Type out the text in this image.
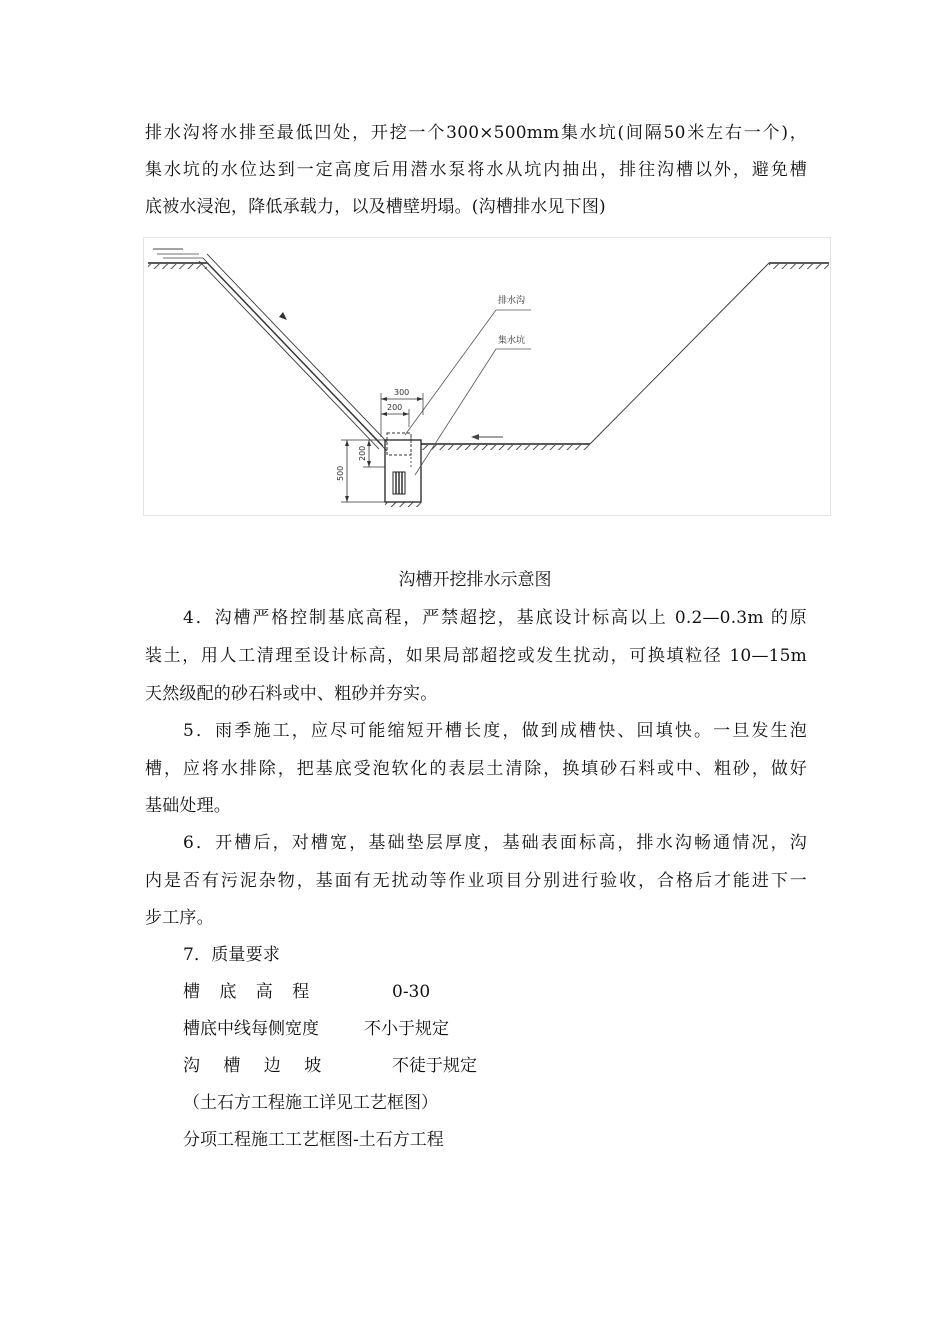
排水沟将水排至最低凹处，开挖一个300×500mm集水坑(间隔50米左右一个)，
集水坑的水位达到一定高度后用潜水泵将水从坑内抽出，排往沟槽以外，避免槽
底被水浸泡，降低承载力，以及槽壁坍塌。(沟槽排水见下图)
排水沟
集水坑
300
200
500
200
沟槽开挖排水示意图
4．沟槽严格控制基底高程，严禁超挖，基底设计标高以上 0.2—0.3m 的原
装土，用人工清理至设计标高，如果局部超挖或发生扰动，可换填粒径 10—15m
天然级配的砂石料或中、粗砂并夯实。
5．雨季施工，应尽可能缩短开槽长度，做到成槽快、回填快。一旦发生泡
槽，应将水排除，把基底受泡软化的表层土清除，换填砂石料或中、粗砂，做好
基础处理。
6．开槽后，对槽宽，基础垫层厚度，基础表面标高，排水沟畅通情况，沟
内是否有污泥杂物，基面有无扰动等作业项目分别进行验收，合格后才能进下一
步工序。
7．质量要求
槽 底 高 程	0-30
槽底中线每侧宽度	不小于规定
沟 槽 边 坡	不徒于规定
（土石方工程施工详见工艺框图）
分项工程施工工艺框图-土石方工程
